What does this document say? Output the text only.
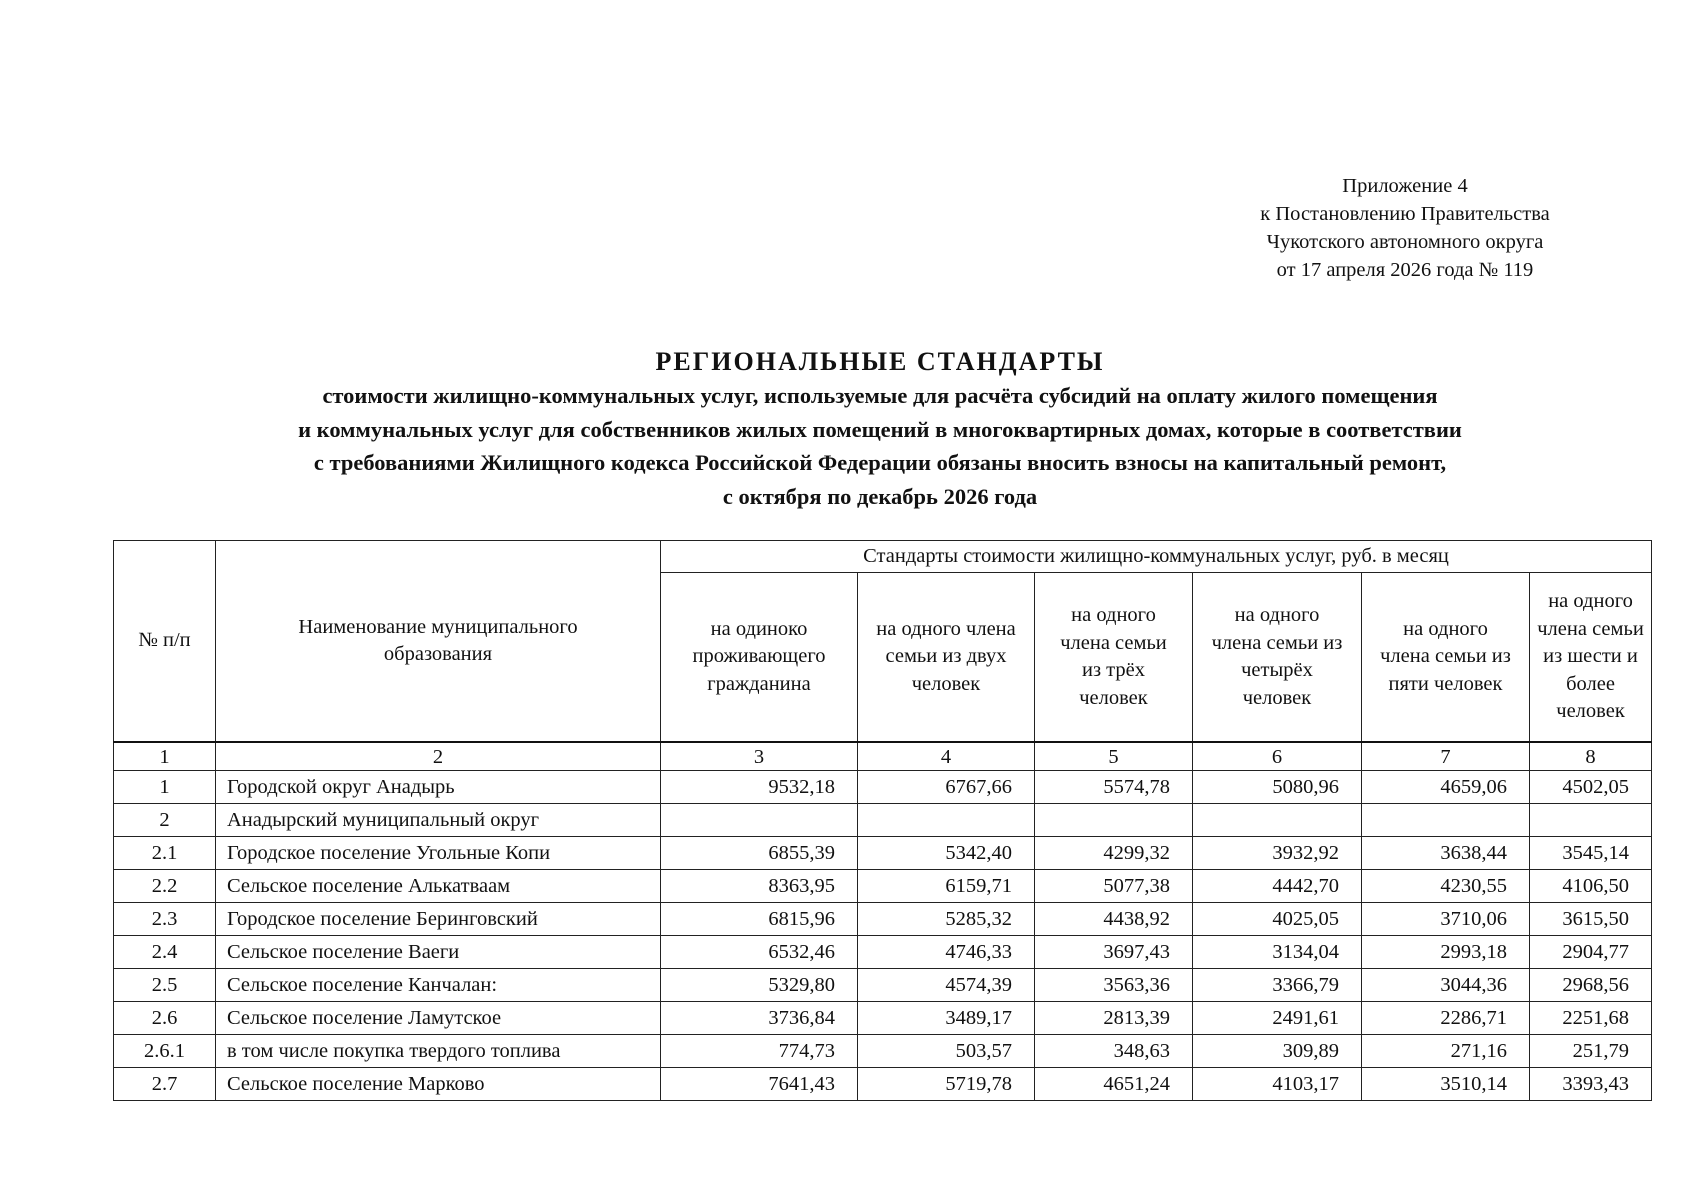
Приложение 4
к Постановлению Правительства
Чукотского автономного округа
от 17 апреля 2026 года № 119
РЕГИОНАЛЬНЫЕ СТАНДАРТЫ
стоимости жилищно-коммунальных услуг, используемые для расчёта субсидий на оплату жилого помещения
и коммунальных услуг для собственников жилых помещений в многоквартирных домах, которые в соответствии
с требованиями Жилищного кодекса Российской Федерации обязаны вносить взносы на капитальный ремонт,
с октября по декабрь 2026 года
№ п/п	Наименование муниципального образования	Стандарты стоимости жилищно-коммунальных услуг, руб. в месяц					
		на одиноко проживающего гражданина	на одного члена семьи из двух человек	на одного члена семьи из трёх человек	на одного члена семьи из четырёх человек	на одного члена семьи из пяти человек	на одного члена семьи из шести и более человек
1	2	3	4	5	6	7	8
1	Городской округ Анадырь	9532,18	6767,66	5574,78	5080,96	4659,06	4502,05
2	Анадырский муниципальный округ						
2.1	Городское поселение Угольные Копи	6855,39	5342,40	4299,32	3932,92	3638,44	3545,14
2.2	Сельское поселение Алькатваам	8363,95	6159,71	5077,38	4442,70	4230,55	4106,50
2.3	Городское поселение Беринговский	6815,96	5285,32	4438,92	4025,05	3710,06	3615,50
2.4	Сельское поселение Ваеги	6532,46	4746,33	3697,43	3134,04	2993,18	2904,77
2.5	Сельское поселение Канчалан:	5329,80	4574,39	3563,36	3366,79	3044,36	2968,56
2.6	Сельское поселение Ламутское	3736,84	3489,17	2813,39	2491,61	2286,71	2251,68
2.6.1	в том числе покупка твердого топлива	774,73	503,57	348,63	309,89	271,16	251,79
2.7	Сельское поселение Марково	7641,43	5719,78	4651,24	4103,17	3510,14	3393,43
